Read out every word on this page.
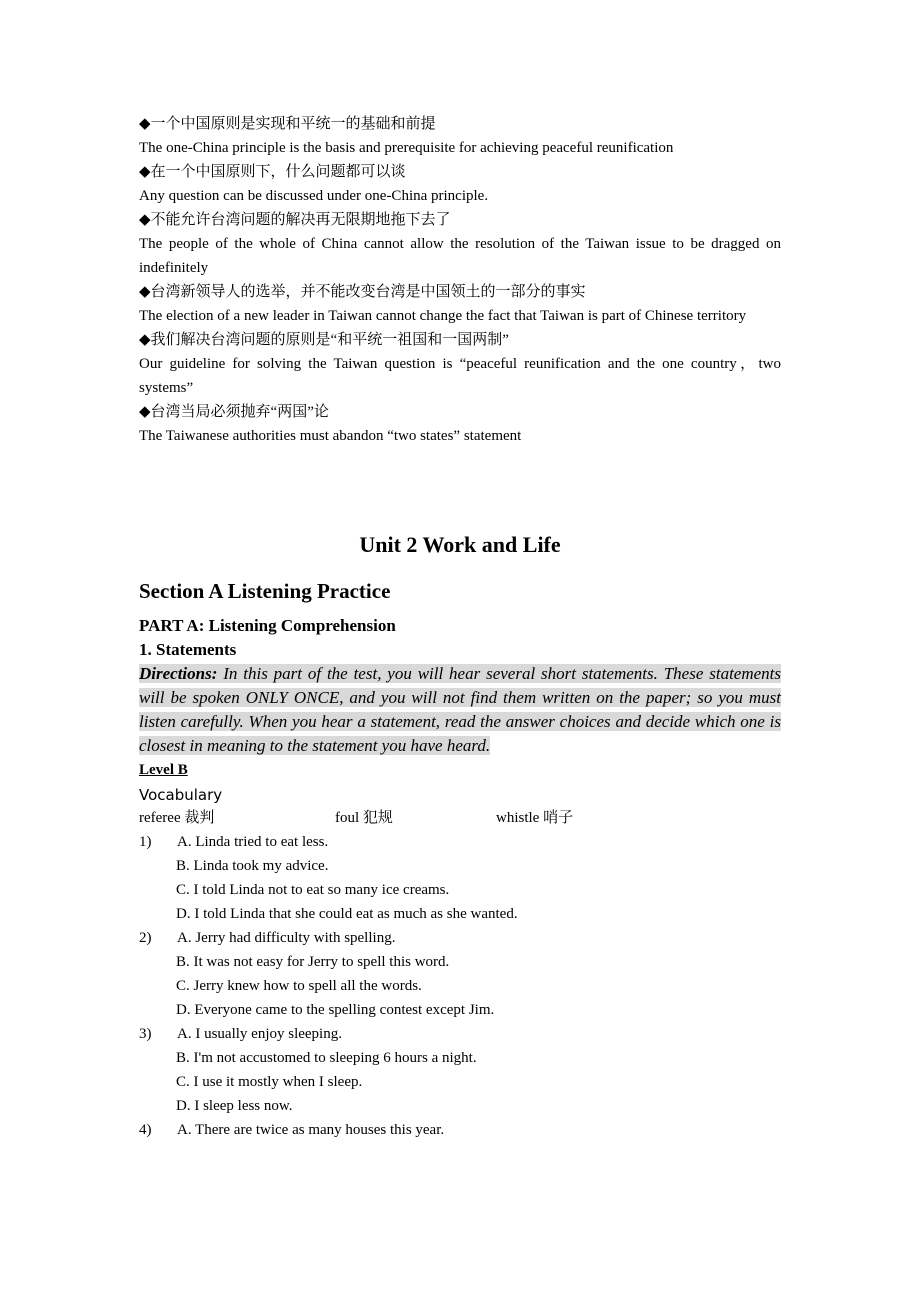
◆一个中国原则是实现和平统一的基础和前提

The one-China principle is the basis and prerequisite for achieving peaceful reunification

◆在一个中国原则下，什么问题都可以谈

Any question can be discussed under one-China principle.

◆不能允许台湾问题的解决再无限期地拖下去了

The people of the whole of China cannot allow the resolution of the Taiwan issue to be dragged on indefinitely

◆台湾新领导人的选举，并不能改变台湾是中国领土的一部分的事实

The election of a new leader in Taiwan cannot change the fact that Taiwan is part of Chinese territory

◆我们解决台湾问题的原则是“和平统一祖国和一国两制”

Our guideline for solving the Taiwan question is “peaceful reunification and the one country，two systems”

◆台湾当局必须抛弃“两国”论

The Taiwanese authorities must abandon “two states” statement

Unit 2 Work and Life
Section A Listening Practice

PART A: Listening Comprehension

1. Statements

Directions: In this part of the test, you will hear several short statements. These statements will be spoken ONLY ONCE, and you will not find them written on the paper; so you must listen carefully. When you hear a statement, read the answer choices and decide which one is closest in meaning to the statement you have heard.

Level B

Vocabulary

referee 裁判	foul 犯规	whistle 哨子
1) A. Linda tried to eat less.
B. Linda took my advice.
C. I told Linda not to eat so many ice creams.
D. I told Linda that she could eat as much as she wanted.
2) A. Jerry had difficulty with spelling.
B. It was not easy for Jerry to spell this word.
C. Jerry knew how to spell all the words.
D. Everyone came to the spelling contest except Jim.
3) A. I usually enjoy sleeping.
B. I'm not accustomed to sleeping 6 hours a night.
C. I use it mostly when I sleep.
D. I sleep less now.
4) A. There are twice as many houses this year.
